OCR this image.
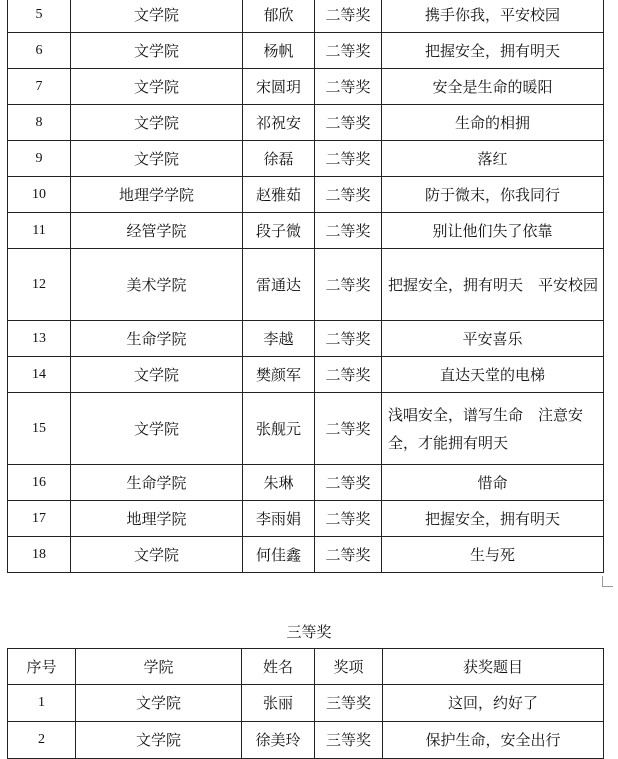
5	文学院	郁欣	二等奖	携手你我，平安校园
6	文学院	杨帆	二等奖	把握安全，拥有明天
7	文学院	宋圆玥	二等奖	安全是生命的暖阳
8	文学院	祁祝安	二等奖	生命的相拥
9	文学院	徐磊	二等奖	落红
10	地理学学院	赵雅茹	二等奖	防于微末，你我同行
11	经管学院	段子微	二等奖	别让他们失了依靠
12	美术学院	雷通达	二等奖	把握安全，拥有明天　平安校园
13	生命学院	李越	二等奖	平安喜乐
14	文学院	樊颜军	二等奖	直达天堂的电梯
15	文学院	张舰元	二等奖	浅唱安全，谱写生命　注意安全，才能拥有明天
16	生命学院	朱琳	二等奖	惜命
17	地理学院	李雨娟	二等奖	把握安全，拥有明天
18	文学院	何佳鑫	二等奖	生与死
三等奖
序号	学院	姓名	奖项	获奖题目
1	文学院	张丽	三等奖	这回，约好了
2	文学院	徐美玲	三等奖	保护生命，安全出行
